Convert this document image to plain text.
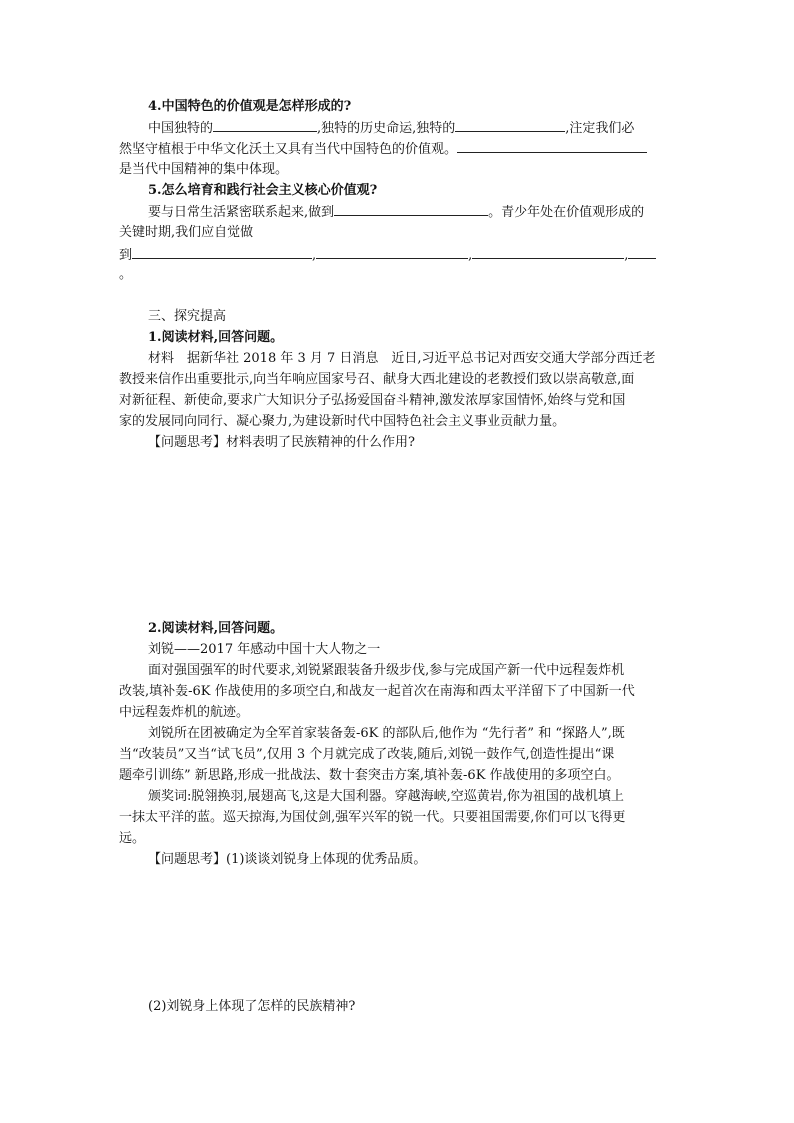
4.中国特色的价值观是怎样形成的?
中国独特的	,独特的历史命运,独特的	,注定我们必
然坚守植根于中华文化沃土又具有当代中国特色的价值观。
是当代中国精神的集中体现。
5.怎么培育和践行社会主义核心价值观?
要与日常生活紧密联系起来,做到	。青少年处在价值观形成的
关键时期,我们应自觉做
到	,	,	,
。
三、探究提高
1.阅读材料,回答问题。
材料　据新华社 2018 年 3 月 7 日消息　近日,习近平总书记对西安交通大学部分西迁老
教授来信作出重要批示,向当年响应国家号召、献身大西北建设的老教授们致以崇高敬意,面
对新征程、新使命,要求广大知识分子弘扬爱国奋斗精神,激发浓厚家国情怀,始终与党和国
家的发展同向同行、凝心聚力,为建设新时代中国特色社会主义事业贡献力量。
【问题思考】材料表明了民族精神的什么作用?
2.阅读材料,回答问题。
刘锐——2017 年感动中国十大人物之一
面对强国强军的时代要求,刘锐紧跟装备升级步伐,参与完成国产新一代中远程轰炸机
改装,填补轰-6K 作战使用的多项空白,和战友一起首次在南海和西太平洋留下了中国新一代
中远程轰炸机的航迹。
刘锐所在团被确定为全军首家装备轰-6K 的部队后,他作为 “先行者” 和 “探路人”,既
当“改装员”又当“试飞员”,仅用 3 个月就完成了改装,随后,刘锐一鼓作气,创造性提出“课
题牵引训练” 新思路,形成一批战法、数十套突击方案,填补轰-6K 作战使用的多项空白。
颁奖词:脱翎换羽,展翅高飞,这是大国利器。穿越海峡,空巡黄岩,你为祖国的战机填上
一抹太平洋的蓝。巡天掠海,为国仗剑,强军兴军的锐一代。只要祖国需要,你们可以飞得更
远。
【问题思考】(1)谈谈刘锐身上体现的优秀品质。
(2)刘锐身上体现了怎样的民族精神?
